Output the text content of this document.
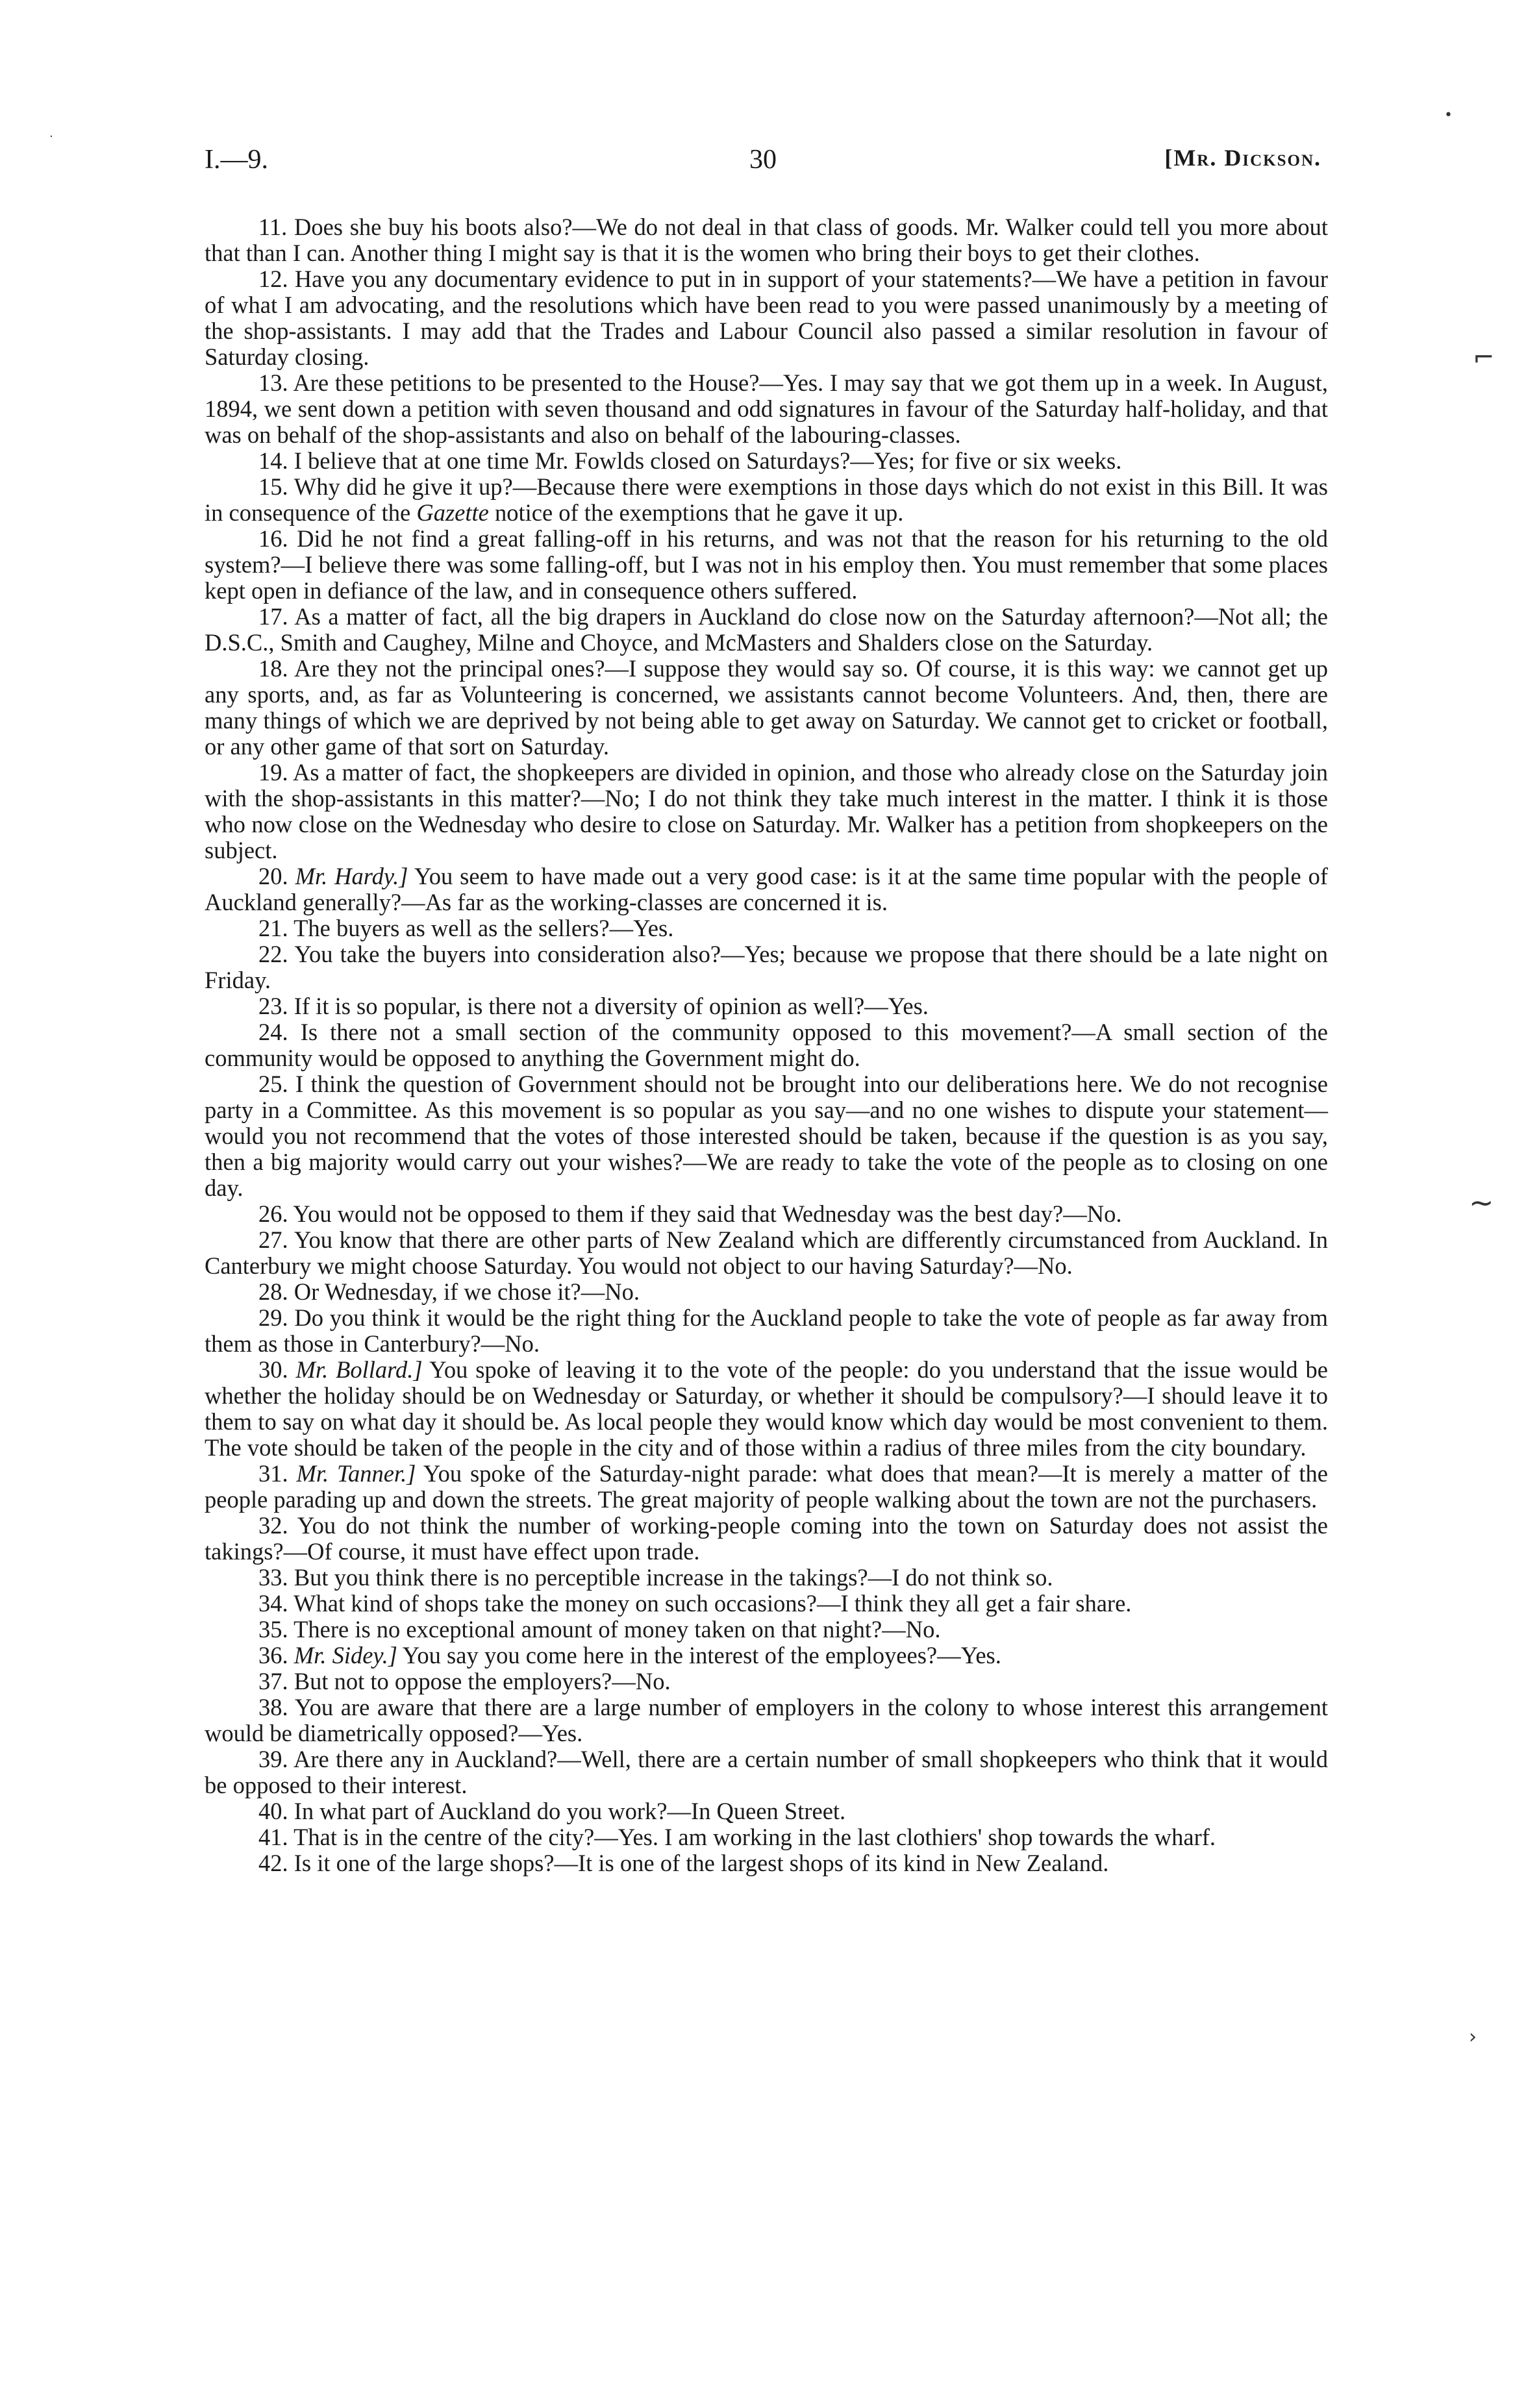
I.—9.	30	[Mr. Dickson.

11. Does she buy his boots also?—We do not deal in that class of goods. Mr. Walker could tell you more about that than I can. Another thing I might say is that it is the women who bring their boys to get their clothes.

12. Have you any documentary evidence to put in in support of your statements?—We have a petition in favour of what I am advocating, and the resolutions which have been read to you were passed unanimously by a meeting of the shop-assistants. I may add that the Trades and Labour Council also passed a similar resolution in favour of Saturday closing.

13. Are these petitions to be presented to the House?—Yes. I may say that we got them up in a week. In August, 1894, we sent down a petition with seven thousand and odd signatures in favour of the Saturday half-holiday, and that was on behalf of the shop-assistants and also on behalf of the labouring-classes.

14. I believe that at one time Mr. Fowlds closed on Saturdays?—Yes; for five or six weeks.

15. Why did he give it up?—Because there were exemptions in those days which do not exist in this Bill. It was in consequence of the Gazette notice of the exemptions that he gave it up.

16. Did he not find a great falling-off in his returns, and was not that the reason for his returning to the old system?—I believe there was some falling-off, but I was not in his employ then. You must remember that some places kept open in defiance of the law, and in consequence others suffered.

17. As a matter of fact, all the big drapers in Auckland do close now on the Saturday afternoon?—Not all; the D.S.C., Smith and Caughey, Milne and Choyce, and McMasters and Shalders close on the Saturday.

18. Are they not the principal ones?—I suppose they would say so. Of course, it is this way: we cannot get up any sports, and, as far as Volunteering is concerned, we assistants cannot become Volunteers. And, then, there are many things of which we are deprived by not being able to get away on Saturday. We cannot get to cricket or football, or any other game of that sort on Saturday.

19. As a matter of fact, the shopkeepers are divided in opinion, and those who already close on the Saturday join with the shop-assistants in this matter?—No; I do not think they take much interest in the matter. I think it is those who now close on the Wednesday who desire to close on Saturday. Mr. Walker has a petition from shopkeepers on the subject.

20. Mr. Hardy.] You seem to have made out a very good case: is it at the same time popular with the people of Auckland generally?—As far as the working-classes are concerned it is.

21. The buyers as well as the sellers?—Yes.

22. You take the buyers into consideration also?—Yes; because we propose that there should be a late night on Friday.

23. If it is so popular, is there not a diversity of opinion as well?—Yes.

24. Is there not a small section of the community opposed to this movement?—A small section of the community would be opposed to anything the Government might do.

25. I think the question of Government should not be brought into our deliberations here. We do not recognise party in a Committee. As this movement is so popular as you say—and no one wishes to dispute your statement—would you not recommend that the votes of those interested should be taken, because if the question is as you say, then a big majority would carry out your wishes?—We are ready to take the vote of the people as to closing on one day.

26. You would not be opposed to them if they said that Wednesday was the best day?—No.

27. You know that there are other parts of New Zealand which are differently circumstanced from Auckland. In Canterbury we might choose Saturday. You would not object to our having Saturday?—No.

28. Or Wednesday, if we chose it?—No.

29. Do you think it would be the right thing for the Auckland people to take the vote of people as far away from them as those in Canterbury?—No.

30. Mr. Bollard.] You spoke of leaving it to the vote of the people: do you understand that the issue would be whether the holiday should be on Wednesday or Saturday, or whether it should be compulsory?—I should leave it to them to say on what day it should be. As local people they would know which day would be most convenient to them. The vote should be taken of the people in the city and of those within a radius of three miles from the city boundary.

31. Mr. Tanner.] You spoke of the Saturday-night parade: what does that mean?—It is merely a matter of the people parading up and down the streets. The great majority of people walking about the town are not the purchasers.

32. You do not think the number of working-people coming into the town on Saturday does not assist the takings?—Of course, it must have effect upon trade.

33. But you think there is no perceptible increase in the takings?—I do not think so.

34. What kind of shops take the money on such occasions?—I think they all get a fair share.

35. There is no exceptional amount of money taken on that night?—No.

36. Mr. Sidey.] You say you come here in the interest of the employees?—Yes.

37. But not to oppose the employers?—No.

38. You are aware that there are a large number of employers in the colony to whose interest this arrangement would be diametrically opposed?—Yes.

39. Are there any in Auckland?—Well, there are a certain number of small shopkeepers who think that it would be opposed to their interest.

40. In what part of Auckland do you work?—In Queen Street.

41. That is in the centre of the city?—Yes. I am working in the last clothiers' shop towards the wharf.

42. Is it one of the large shops?—It is one of the largest shops of its kind in New Zealand.

•
⌐
~
›
·
